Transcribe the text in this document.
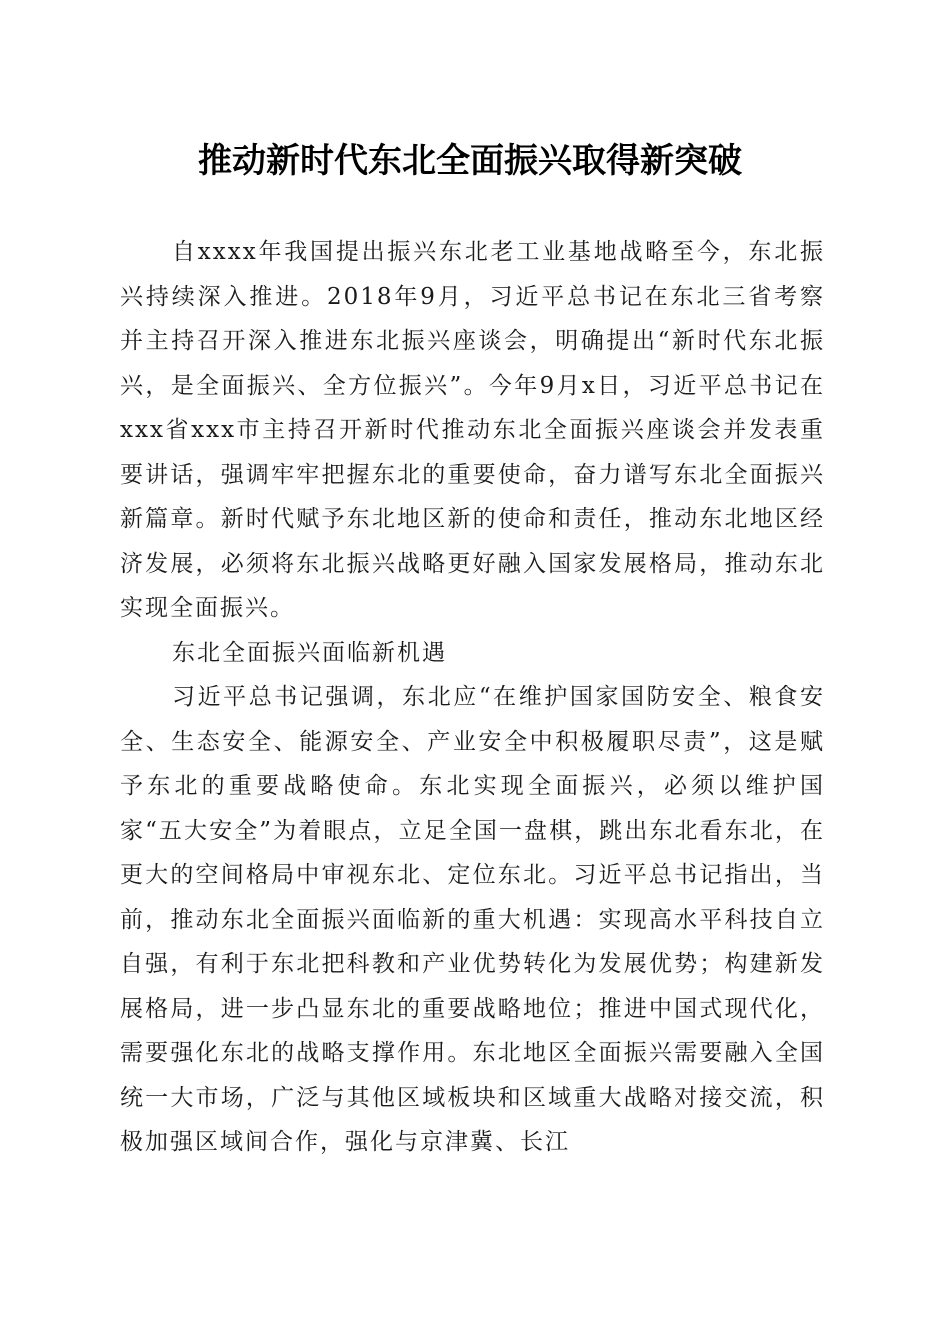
推动新时代东北全面振兴取得新突破

自xxxx年我国提出振兴东北老工业基地战略至今，东北振兴持续深入推进。2018年9月，习近平总书记在东北三省考察并主持召开深入推进东北振兴座谈会，明确提出“新时代东北振兴，是全面振兴、全方位振兴”。今年9月x日，习近平总书记在xxx省xxx市主持召开新时代推动东北全面振兴座谈会并发表重要讲话，强调牢牢把握东北的重要使命，奋力谱写东北全面振兴新篇章。新时代赋予东北地区新的使命和责任，推动东北地区经济发展，必须将东北振兴战略更好融入国家发展格局，推动东北实现全面振兴。

东北全面振兴面临新机遇

习近平总书记强调，东北应“在维护国家国防安全、粮食安全、生态安全、能源安全、产业安全中积极履职尽责”，这是赋予东北的重要战略使命。东北实现全面振兴，必须以维护国家“五大安全”为着眼点，立足全国一盘棋，跳出东北看东北，在更大的空间格局中审视东北、定位东北。习近平总书记指出，当前，推动东北全面振兴面临新的重大机遇：实现高水平科技自立自强，有利于东北把科教和产业优势转化为发展优势；构建新发展格局，进一步凸显东北的重要战略地位；推进中国式现代化，需要强化东北的战略支撑作用。东北地区全面振兴需要融入全国统一大市场，广泛与其他区域板块和区域重大战略对接交流，积极加强区域间合作，强化与京津冀、长江
